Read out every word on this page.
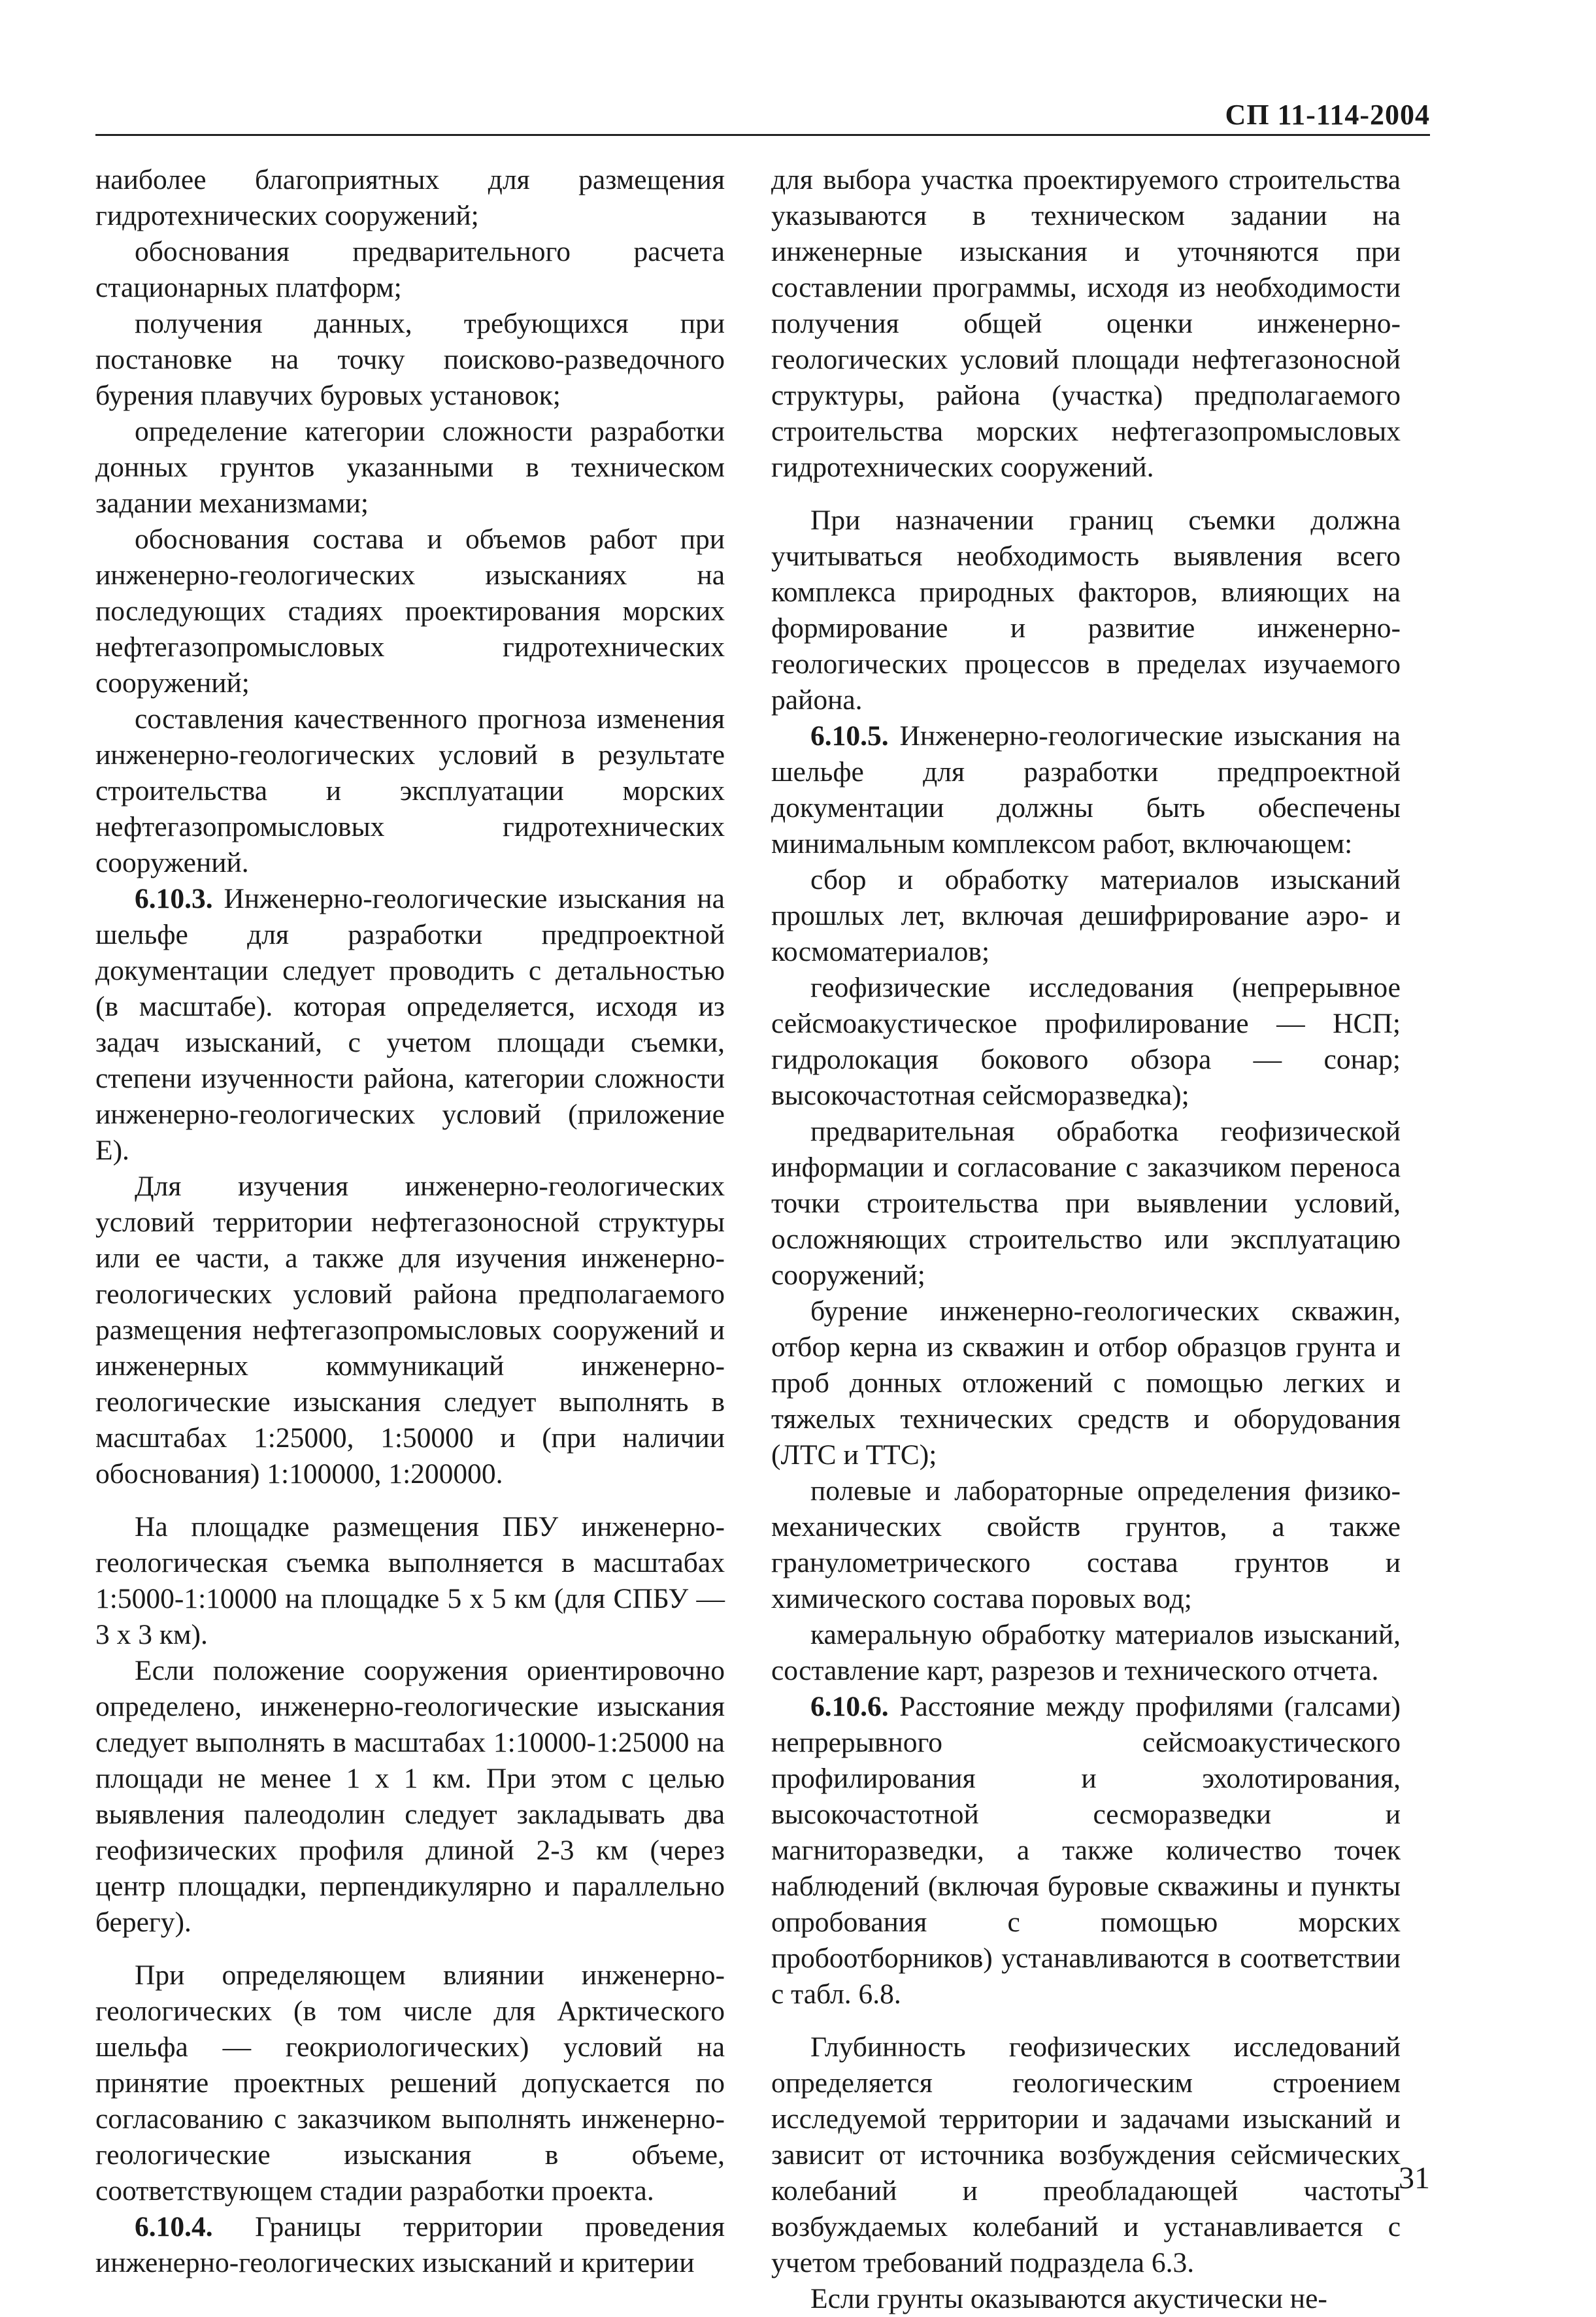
СП 11-114-2004

наиболее благоприятных для размещения гидротехнических сооружений;

обоснования предварительного расчета стационарных платформ;

получения данных, требующихся при постановке на точку поисково-разведочного бурения плавучих буровых установок;

определение категории сложности разработки донных грунтов указанными в техническом задании механизмами;

обоснования состава и объемов работ при инженерно-геологических изысканиях на последующих стадиях проектирования морских нефтегазопромысловых гидротехнических сооружений;

составления качественного прогноза изменения инженерно-геологических условий в результате строительства и эксплуатации морских нефтегазопромысловых гидротехнических сооружений.

6.10.3. Инженерно-геологические изыскания на шельфе для разработки предпроектной документации следует проводить с детальностью (в масштабе). которая определяется, исходя из задач изысканий, с учетом площади съемки, степени изученности района, категории сложности инженерно-геологических условий (приложение Е).

Для изучения инженерно-геологических условий территории нефтегазоносной структуры или ее части, а также для изучения инженерно-геологических условий района предполагаемого размещения нефтегазопромысловых сооружений и инженерных коммуникаций инженерно-геологические изыскания следует выполнять в масштабах 1:25000, 1:50000 и (при наличии обоснования) 1:100000, 1:200000.

На площадке размещения ПБУ инженерно-геологическая съемка выполняется в масштабах 1:5000-1:10000 на площадке 5 х 5 км (для СПБУ — 3 х 3 км).

Если положение сооружения ориентировочно определено, инженерно-геологические изыскания следует выполнять в масштабах 1:10000-1:25000 на площади не менее 1 х 1 км. При этом с целью выявления палеодолин следует закладывать два геофизических профиля длиной 2-3 км (через центр площадки, перпендикулярно и параллельно берегу).

При определяющем влиянии инженерно-геологических (в том числе для Арктического шельфа — геокриологических) условий на принятие проектных решений допускается по согласованию с заказчиком выполнять инженерно-геологические изыскания в объеме, соответствующем стадии разработки проекта.

6.10.4. Границы территории проведения инженерно-геологических изысканий и критерии

для выбора участка проектируемого строительства указываются в техническом задании на инженерные изыскания и уточняются при составлении программы, исходя из необходимости получения общей оценки инженерно-геологических условий площади нефтегазоносной структуры, района (участка) предполагаемого строительства морских нефтегазопромысловых гидротехнических сооружений.

При назначении границ съемки должна учитываться необходимость выявления всего комплекса природных факторов, влияющих на формирование и развитие инженерно-геологических процессов в пределах изучаемого района.

6.10.5. Инженерно-геологические изыскания на шельфе для разработки предпроектной документации должны быть обеспечены минимальным комплексом работ, включающем:

сбор и обработку материалов изысканий прошлых лет, включая дешифрирование аэро- и космоматериалов;

геофизические исследования (непрерывное сейсмоакустическое профилирование — НСП; гидролокация бокового обзора — сонар; высокочастотная сейсморазведка);

предварительная обработка геофизической информации и согласование с заказчиком переноса точки строительства при выявлении условий, осложняющих строительство или эксплуатацию сооружений;

бурение инженерно-геологических скважин, отбор керна из скважин и отбор образцов грунта и проб донных отложений с помощью легких и тяжелых технических средств и оборудования (ЛТС и ТТС);

полевые и лабораторные определения физико-механических свойств грунтов, а также гранулометрического состава грунтов и химического состава поровых вод;

камеральную обработку материалов изысканий, составление карт, разрезов и технического отчета.

6.10.6. Расстояние между профилями (галсами) непрерывного сейсмоакустического профилирования и эхолотирования, высокочастотной сесморазведки и магниторазведки, а также количество точек наблюдений (включая буровые скважины и пункты опробования с помощью морских пробоотборников) устанавливаются в соответствии с табл. 6.8.

Глубинность геофизических исследований определяется геологическим строением исследуемой территории и задачами изысканий и зависит от источника возбуждения сейсмических колебаний и преобладающей частоты возбуждаемых колебаний и устанавливается с учетом требований подраздела 6.3.

Если грунты оказываются акустически не-

31
